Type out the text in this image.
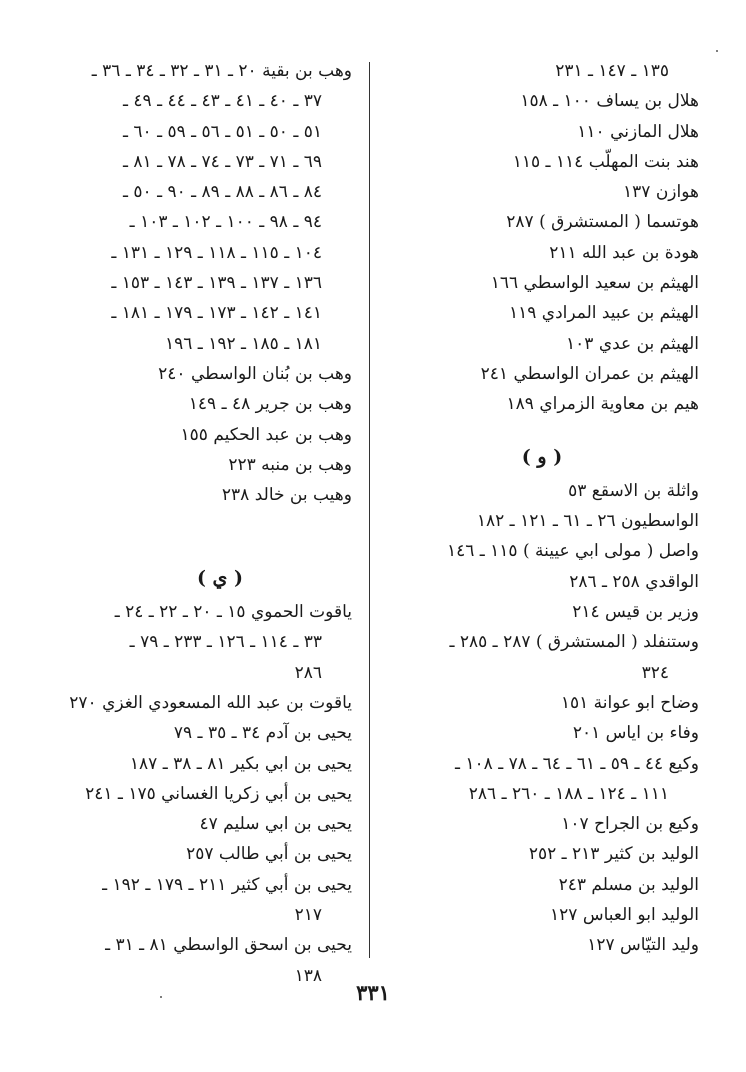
١٣٥ ـ ١٤٧ ـ ٢٣١
هلال بن يساف ١٠٠ ـ ١٥٨
هلال المازني ١١٠
هند بنت المهلّب ١١٤ ـ ١١٥
هوازن ١٣٧
هوتسما ( المستشرق ) ٢٨٧
هودة بن عبد الله ٢١١
الهيثم بن سعيد الواسطي ١٦٦
الهيثم بن عبيد المرادي ١١٩
الهيثم بن عدي ١٠٣
الهيثم بن عمران الواسطي ٢٤١
هيم بن معاوية الزمراي ١٨٩
( و )
واثلة بن الاسقع ٥٣
الواسطيون ٢٦ ـ ٦١ ـ ١٢١ ـ ١٨٢
واصل ( مولى ابي عيينة ) ١١٥ ـ ١٤٦
الواقدي ٢٥٨ ـ ٢٨٦
وزير بن قيس ٢١٤
وستنفلد ( المستشرق ) ٢٨٧ ـ ٢٨٥ ـ
٣٢٤
وضاح ابو عوانة ١٥١
وفاء بن اياس ٢٠١
وكيع ٤٤ ـ ٥٩ ـ ٦١ ـ ٦٤ ـ ٧٨ ـ ١٠٨ ـ
١١١ ـ ١٢٤ ـ ١٨٨ ـ ٢٦٠ ـ ٢٨٦
وكيع بن الجراح ١٠٧
الوليد بن كثير ٢١٣ ـ ٢٥٢
الوليد بن مسلم ٢٤٣
الوليد ابو العباس ١٢٧
وليد التيّاس ١٢٧
وهب بن بقية ٢٠ ـ ٣١ ـ ٣٢ ـ ٣٤ ـ ٣٦ ـ
٣٧ ـ ٤٠ ـ ٤١ ـ ٤٣ ـ ٤٤ ـ ٤٩ ـ
٥١ ـ ٥٠ ـ ٥١ ـ ٥٦ ـ ٥٩ ـ ٦٠ ـ
٦٩ ـ ٧١ ـ ٧٣ ـ ٧٤ ـ ٧٨ ـ ٨١ ـ
٨٤ ـ ٨٦ ـ ٨٨ ـ ٨٩ ـ ٩٠ ـ ٥٠ ـ
٩٤ ـ ٩٨ ـ ١٠٠ ـ ١٠٢ ـ ١٠٣ ـ
١٠٤ ـ ١١٥ ـ ١١٨ ـ ١٢٩ ـ ١٣١ ـ
١٣٦ ـ ١٣٧ ـ ١٣٩ ـ ١٤٣ ـ ١٥٣ ـ
١٤١ ـ ١٤٢ ـ ١٧٣ ـ ١٧٩ ـ ١٨١ ـ
١٨١ ـ ١٨٥ ـ ١٩٢ ـ ١٩٦
وهب بن بُنان الواسطي ٢٤٠
وهب بن جرير ٤٨ ـ ١٤٩
وهب بن عبد الحكيم ١٥٥
وهب بن منبه ٢٢٣
وهيب بن خالد ٢٣٨
( ي )
ياقوت الحموي ١٥ ـ ٢٠ ـ ٢٢ ـ ٢٤ ـ
٣٣ ـ ١١٤ ـ ١٢٦ ـ ٢٣٣ ـ ٧٩ ـ
٢٨٦
ياقوت بن عبد الله المسعودي الغزي ٢٧٠
يحيى بن آدم ٣٤ ـ ٣٥ ـ ٧٩
يحيى بن ابي بكير ٨١ ـ ٣٨ ـ ١٨٧
يحيى بن أبي زكريا الغساني ١٧٥ ـ ٢٤١
يحيى بن ابي سليم ٤٧
يحيى بن أبي طالب ٢٥٧
يحيى بن أبي كثير ٢١١ ـ ١٧٩ ـ ١٩٢ ـ
٢١٧
يحيى بن اسحق الواسطي ٨١ ـ ٣١ ـ
١٣٨
٣٣١
